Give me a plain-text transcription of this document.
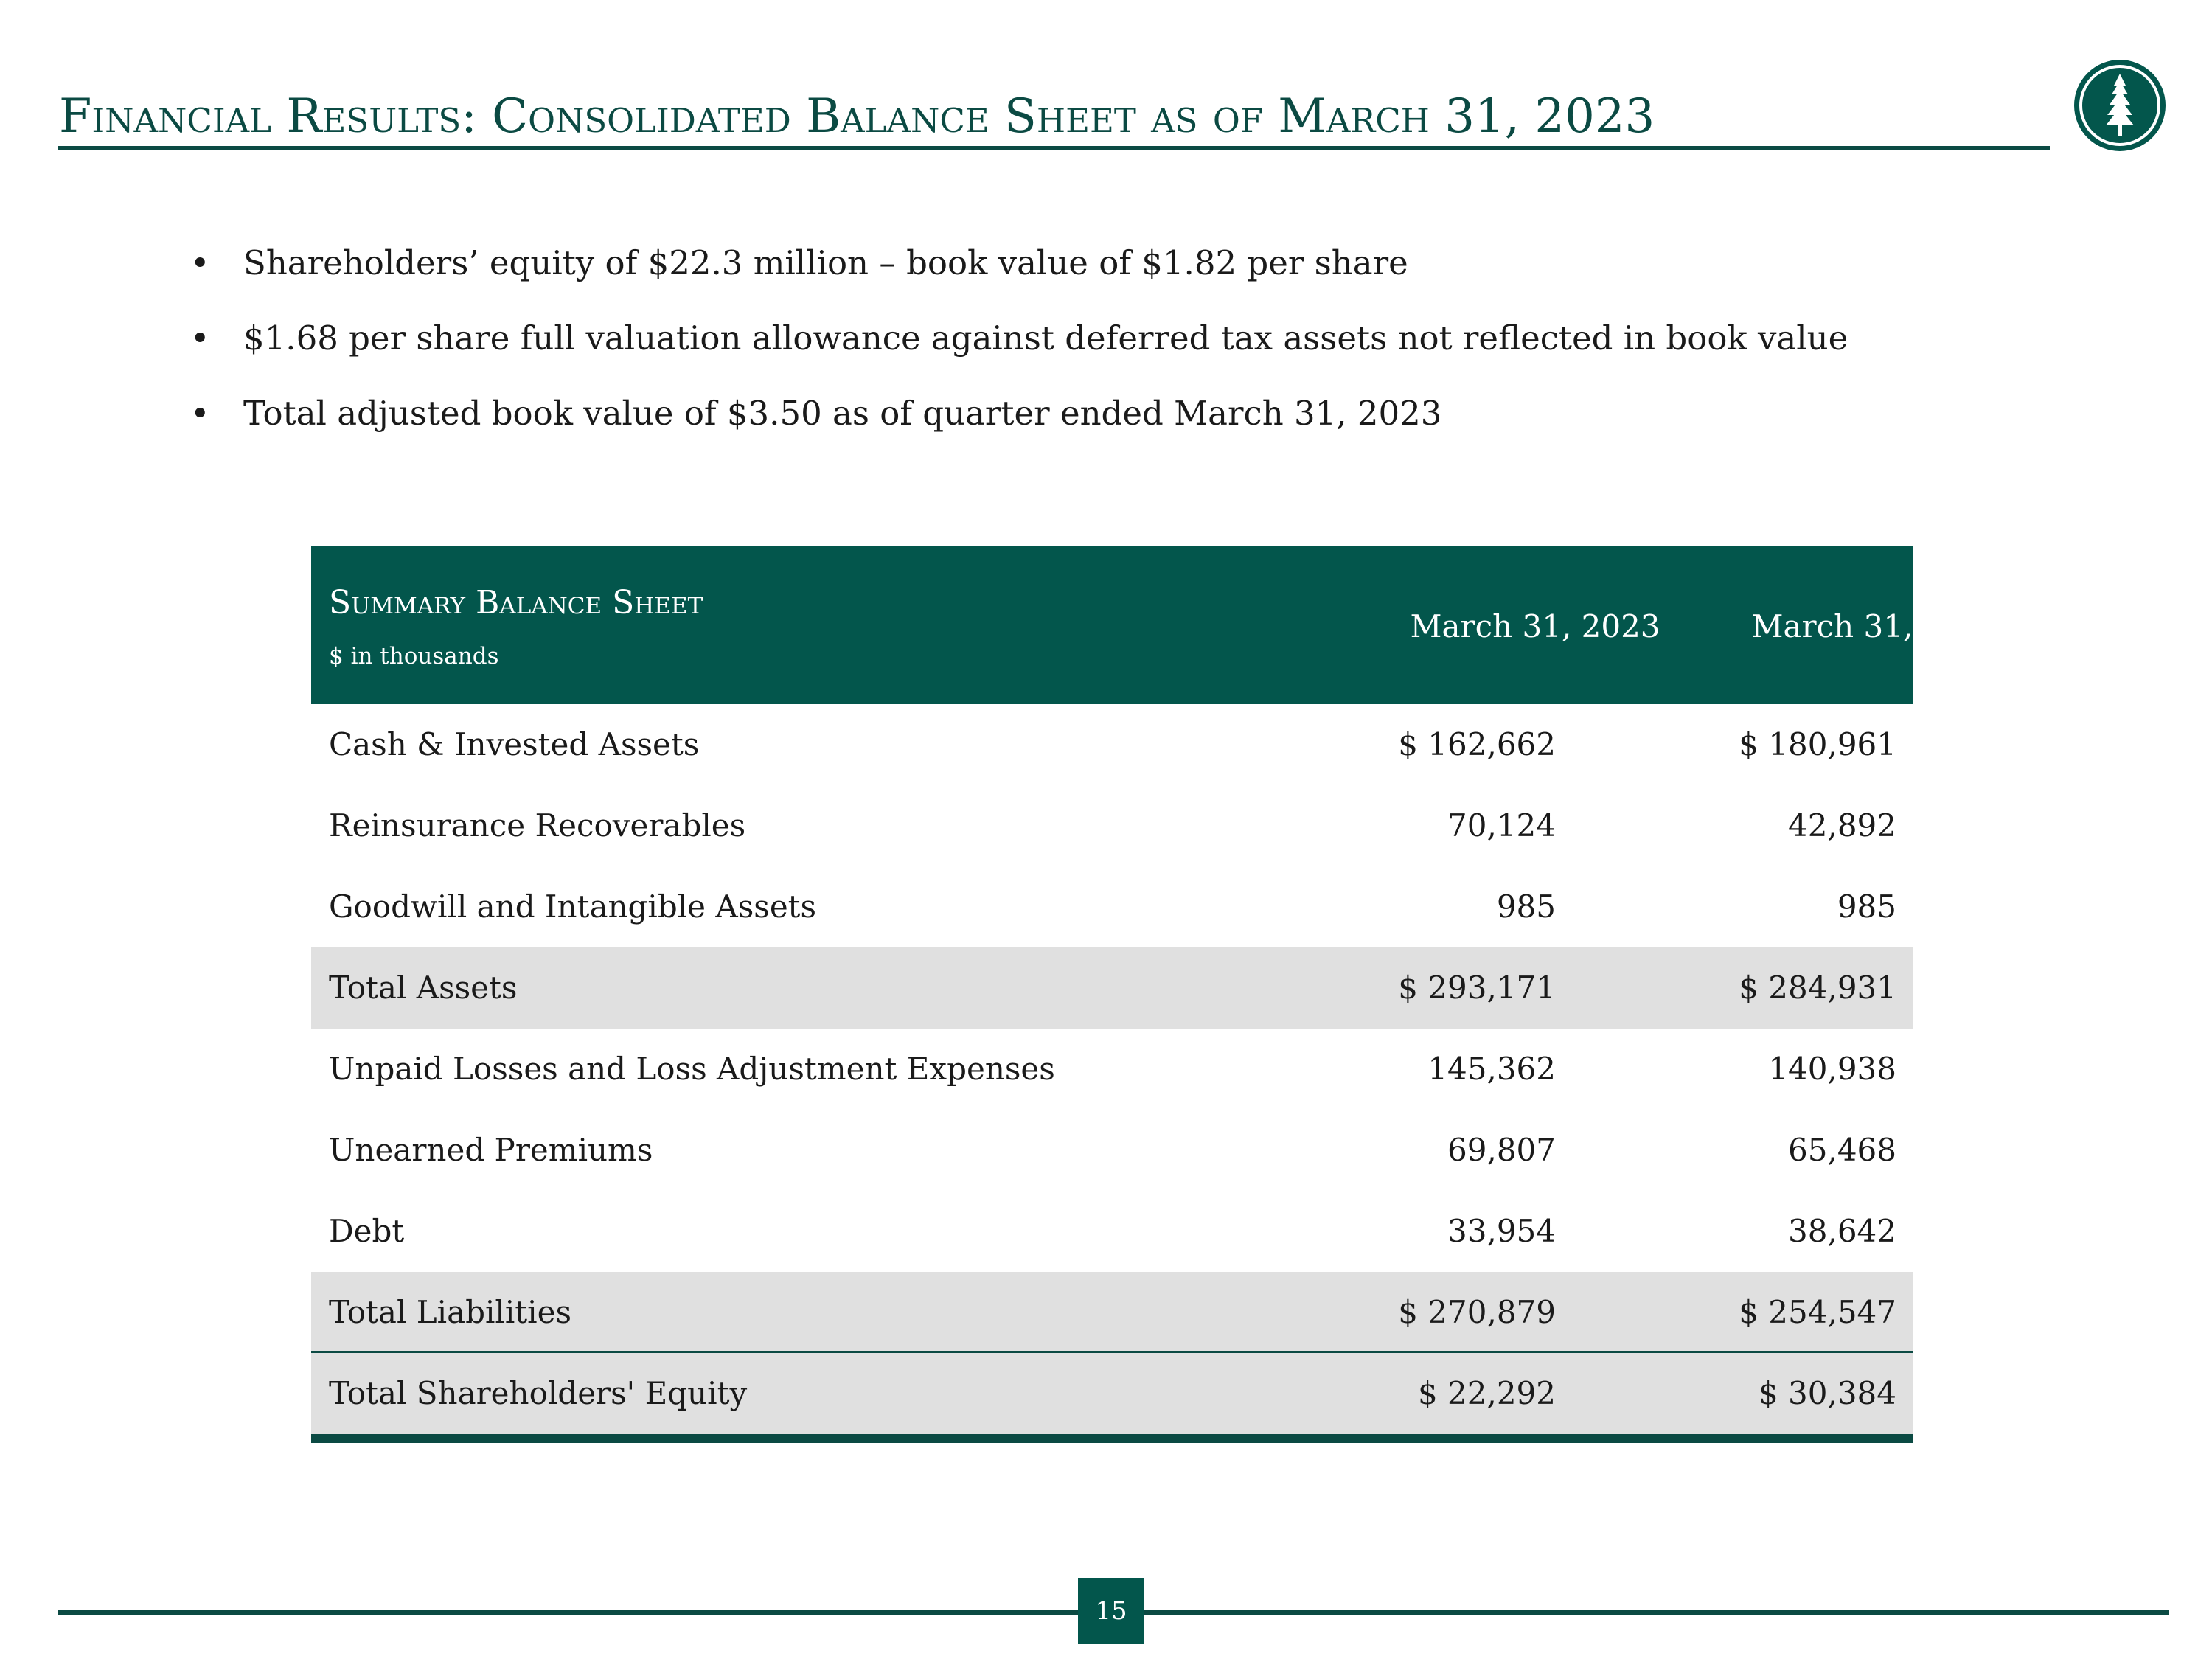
Financial Results: Consolidated Balance Sheet as of March 31, 2023
• Shareholders’ equity of $22.3 million – book value of $1.82 per share
• $1.68 per share full valuation allowance against deferred tax assets not reflected in book value
• Total adjusted book value of $3.50 as of quarter ended March 31, 2023
Summary Balance Sheet
$ in thousands
March 31, 2023	March 31, 2022
Cash & Invested Assets	$ 162,662	$ 180,961
Reinsurance Recoverables	70,124	42,892
Goodwill and Intangible Assets	985	985
Total Assets	$ 293,171	$ 284,931
Unpaid Losses and Loss Adjustment Expenses	145,362	140,938
Unearned Premiums	69,807	65,468
Debt	33,954	38,642
Total Liabilities	$ 270,879	$ 254,547
Total Shareholders' Equity	$ 22,292	$ 30,384
15
